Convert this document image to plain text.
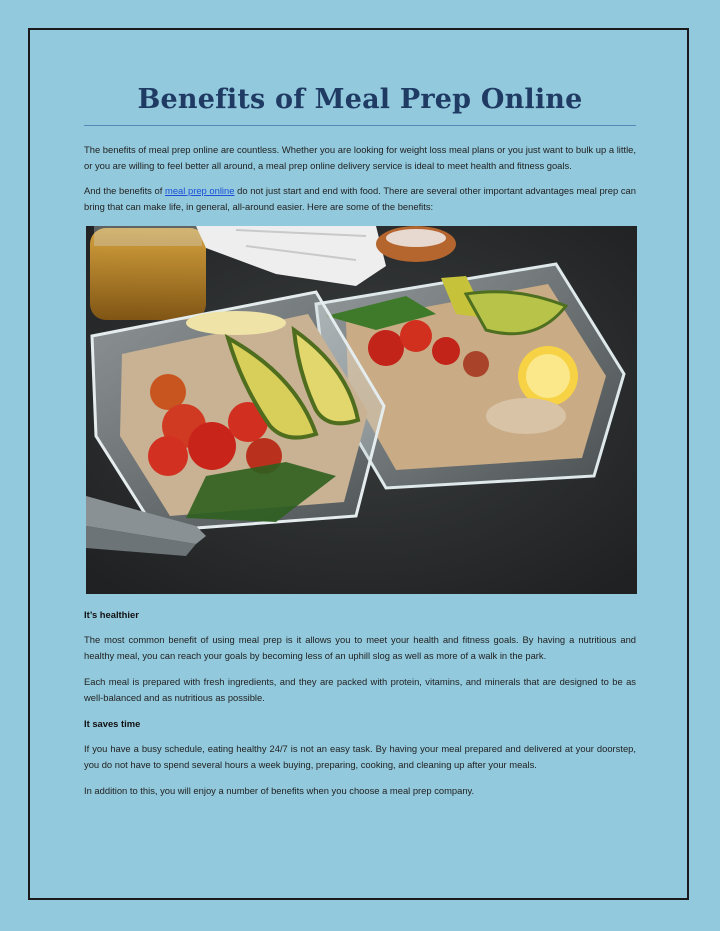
Benefits of Meal Prep Online

The benefits of meal prep online are countless. Whether you are looking for weight loss meal plans or you just want to bulk up a little, or you are willing to feel better all around, a meal prep online delivery service is ideal to meet health and fitness goals.

And the benefits of meal prep online do not just start and end with food. There are several other important advantages meal prep can bring that can make life, in general, all-around easier. Here are some of the benefits:

It’s healthier

The most common benefit of using meal prep is it allows you to meet your health and fitness goals. By having a nutritious and healthy meal, you can reach your goals by becoming less of an uphill slog as well as more of a walk in the park.

Each meal is prepared with fresh ingredients, and they are packed with protein, vitamins, and minerals that are designed to be as well-balanced and as nutritious as possible.

It saves time

If you have a busy schedule, eating healthy 24/7 is not an easy task. By having your meal prepared and delivered at your doorstep, you do not have to spend several hours a week buying, preparing, cooking, and cleaning up after your meals.

In addition to this, you will enjoy a number of benefits when you choose a meal prep company.
